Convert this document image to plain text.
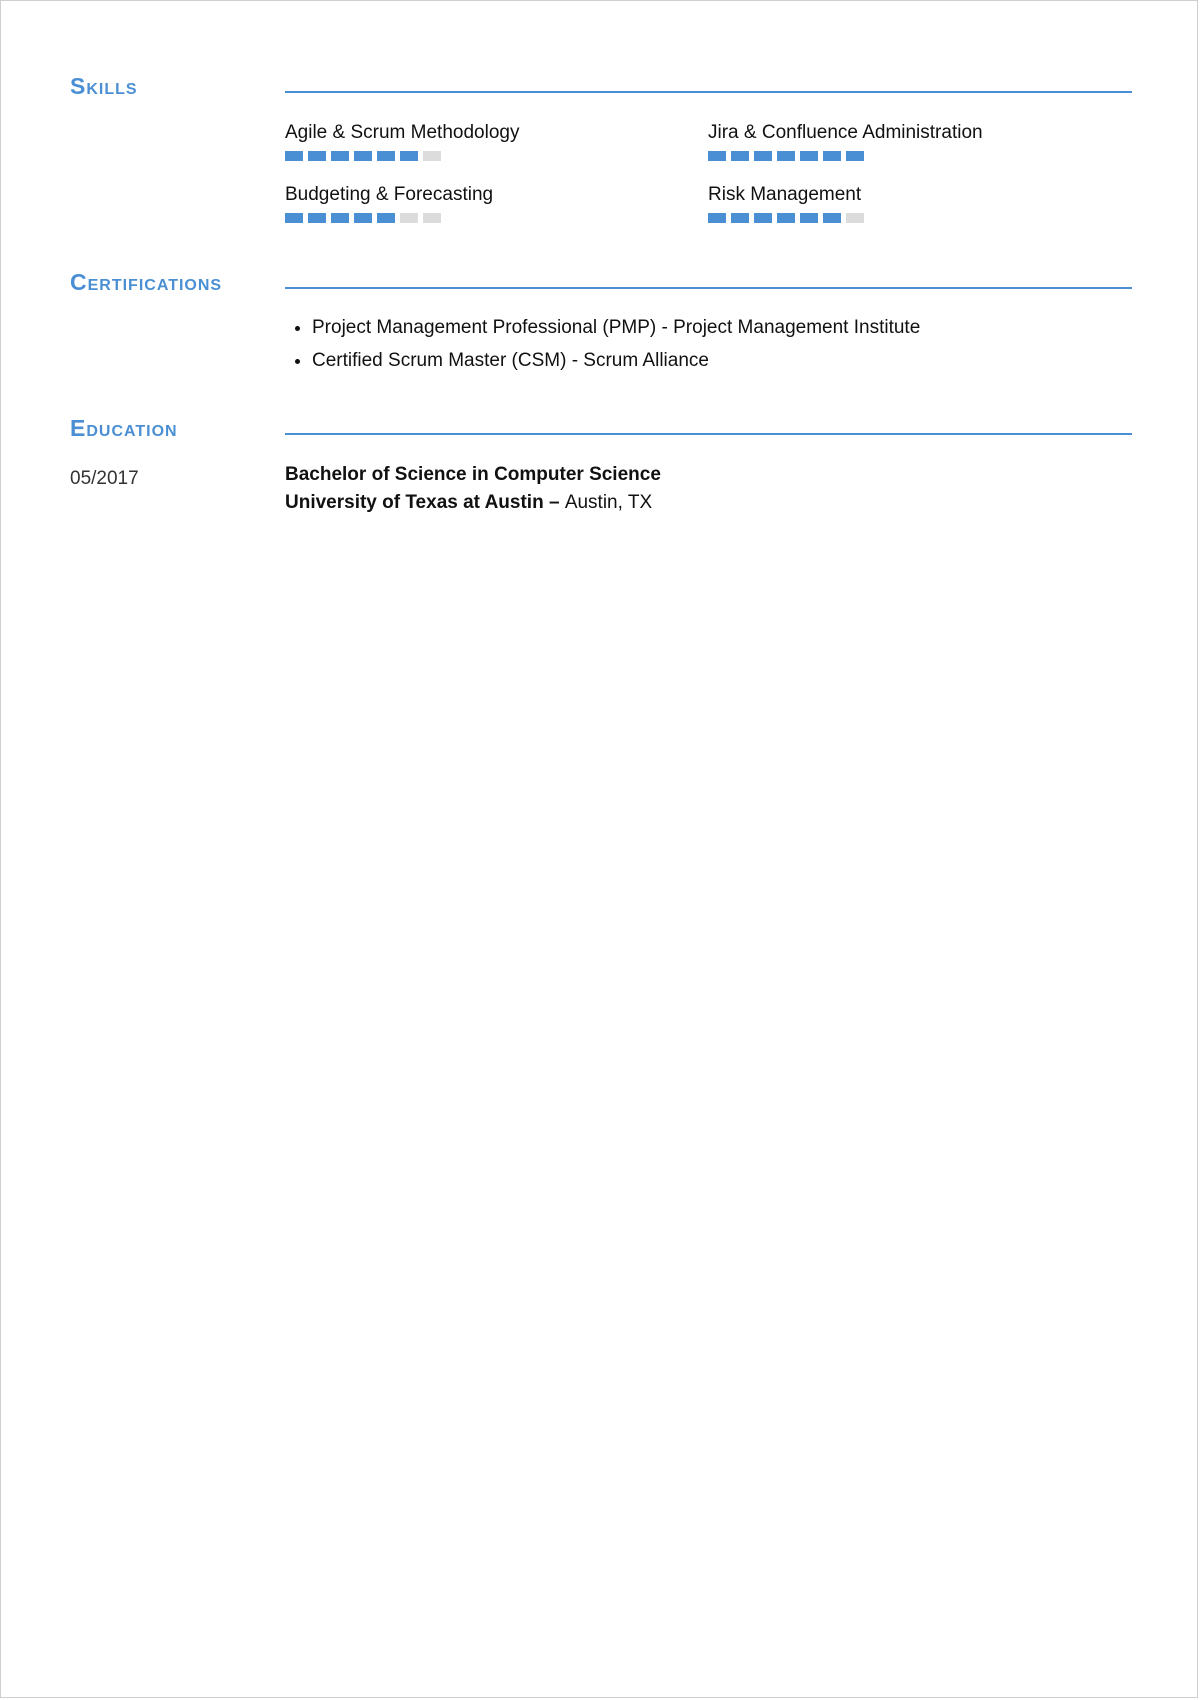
Skills

Agile & Scrum Methodology	Jira & Confluence Administration

Budgeting & Forecasting	Risk Management

Certifications
• Project Management Professional (PMP) - Project Management Institute
• Certified Scrum Master (CSM) - Scrum Alliance
Education
05/2017	Bachelor of Science in Computer Science

University of Texas at Austin – Austin, TX
